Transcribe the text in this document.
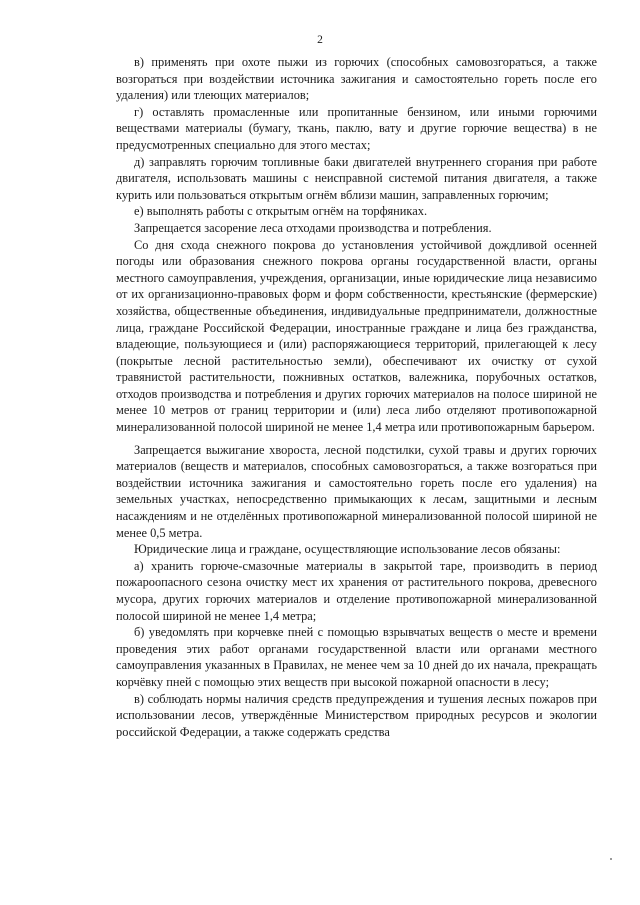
2

в) применять при охоте пыжи из горючих (способных самовозгораться, а также возгораться при воздействии источника зажигания и самостоятельно гореть после его удаления) или тлеющих материалов;

г) оставлять промасленные или пропитанные бензином, или иными горючими веществами материалы (бумагу, ткань, паклю, вату и другие горючие вещества) в не предусмотренных специально для этого местах;

д) заправлять горючим топливные баки двигателей внутреннего сгорания при работе двигателя, использовать машины с неисправной системой питания двигателя, а также курить или пользоваться открытым огнём вблизи машин, заправленных горючим;

е) выполнять работы с открытым огнём на торфяниках.

Запрещается засорение леса отходами производства и потребления.

Со дня схода снежного покрова до установления устойчивой дождливой осенней погоды или образования снежного покрова органы государственной власти, органы местного самоуправления, учреждения, организации, иные юридические лица независимо от их организационно-правовых форм и форм собственности, крестьянские (фермерские) хозяйства, общественные объединения, индивидуальные предприниматели, должностные лица, граждане Российской Федерации, иностранные граждане и лица без гражданства, владеющие, пользующиеся и (или) распоряжающиеся территорий, прилегающей к лесу (покрытые лесной растительностью земли), обеспечивают их очистку от сухой травянистой растительности, пожнивных остатков, валежника, порубочных остатков, отходов производства и потребления и других горючих материалов на полосе шириной не менее 10 метров от границ территории и (или) леса либо отделяют противопожарной минерализованной полосой шириной не менее 1,4 метра или противопожарным барьером.

Запрещается выжигание хвороста, лесной подстилки, сухой травы и других горючих материалов (веществ и материалов, способных самовозгораться, а также возгораться при воздействии источника зажигания и самостоятельно гореть после его удаления) на земельных участках, непосредственно примыкающих к лесам, защитными и лесным насаждениям и не отделённых противопожарной минерализованной полосой шириной не менее 0,5 метра.

Юридические лица и граждане, осуществляющие использование лесов обязаны:

а) хранить горюче-смазочные материалы в закрытой таре, производить в период пожароопасного сезона очистку мест их хранения от растительного покрова, древесного мусора, других горючих материалов и отделение противопожарной минерализованной полосой шириной не менее 1,4 метра;

б) уведомлять при корчевке пней с помощью взрывчатых веществ о месте и времени проведения этих работ органами государственной власти или органами местного самоуправления указанных в Правилах, не менее чем за 10 дней до их начала, прекращать корчёвку пней с помощью этих веществ при высокой пожарной опасности в лесу;

в) соблюдать нормы наличия средств предупреждения и тушения лесных пожаров при использовании лесов, утверждённые Министерством природных ресурсов и экологии российской Федерации, а также содержать средства
